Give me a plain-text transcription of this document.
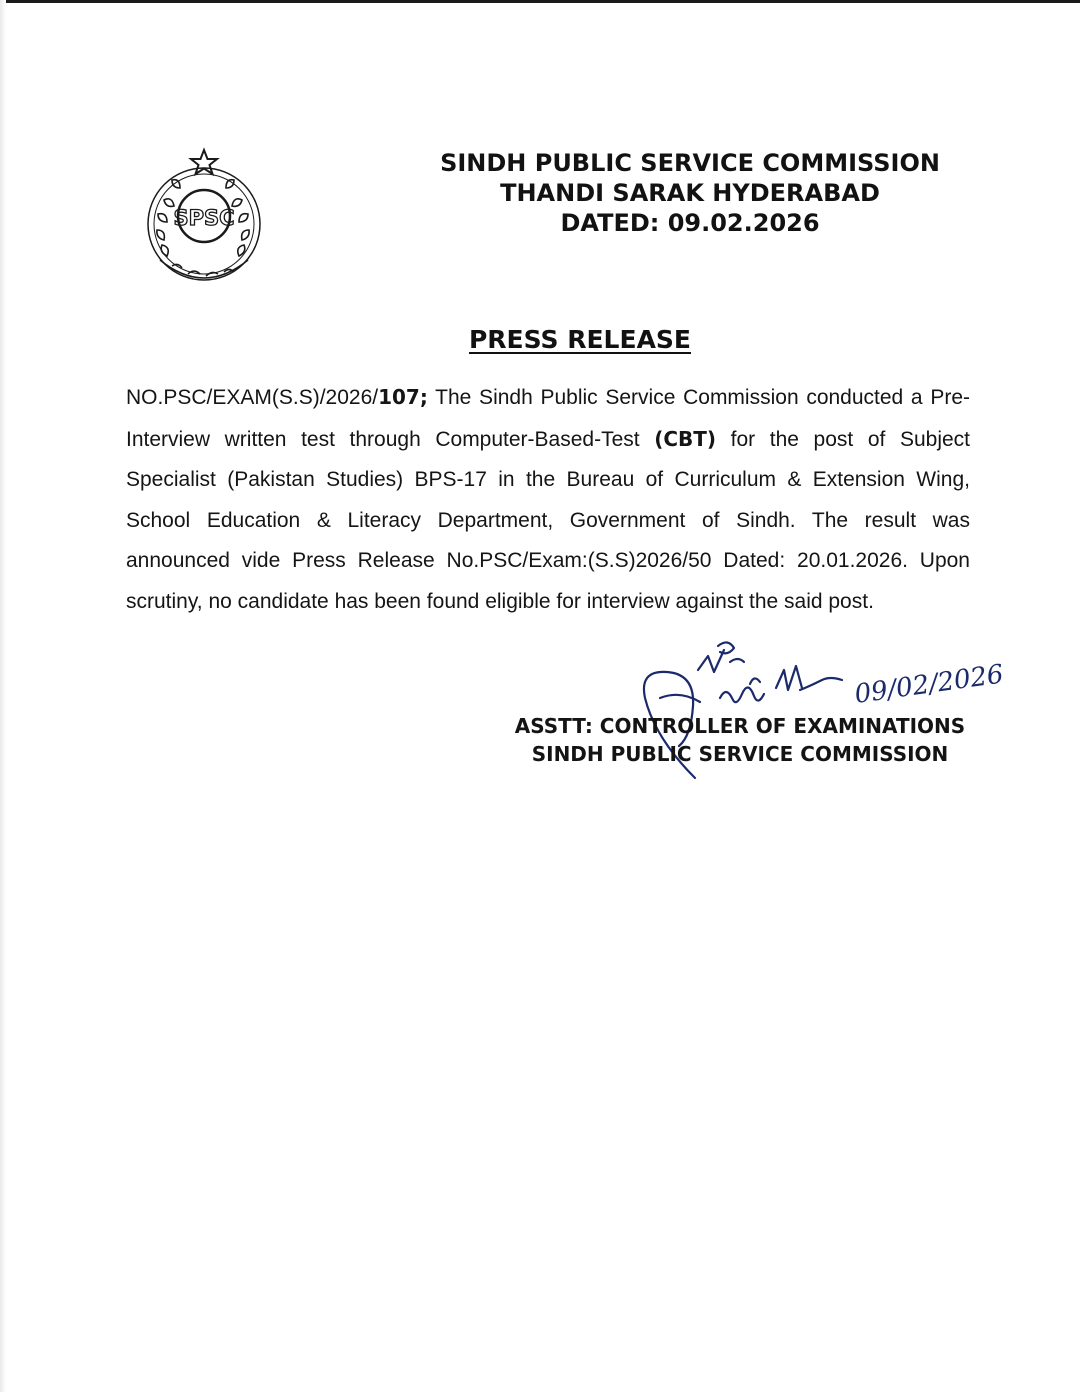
SPSC
SINDH PUBLIC SERVICE COMMISSION
THANDI SARAK HYDERABAD
DATED: 09.02.2026
PRESS RELEASE
NO.PSC/EXAM(S.S)/2026/107; The Sindh Public Service Commission conducted a Pre-Interview written test through Computer-Based-Test (CBT) for the post of Subject Specialist (Pakistan Studies) BPS-17 in the Bureau of Curriculum & Extension Wing, School Education & Literacy Department, Government of Sindh. The result was announced vide Press Release No.PSC/Exam:(S.S)2026/50 Dated: 20.01.2026. Upon scrutiny, no candidate has been found eligible for interview against the said post.
09/02/2026
ASSTT: CONTROLLER OF EXAMINATIONS
SINDH PUBLIC SERVICE COMMISSION
